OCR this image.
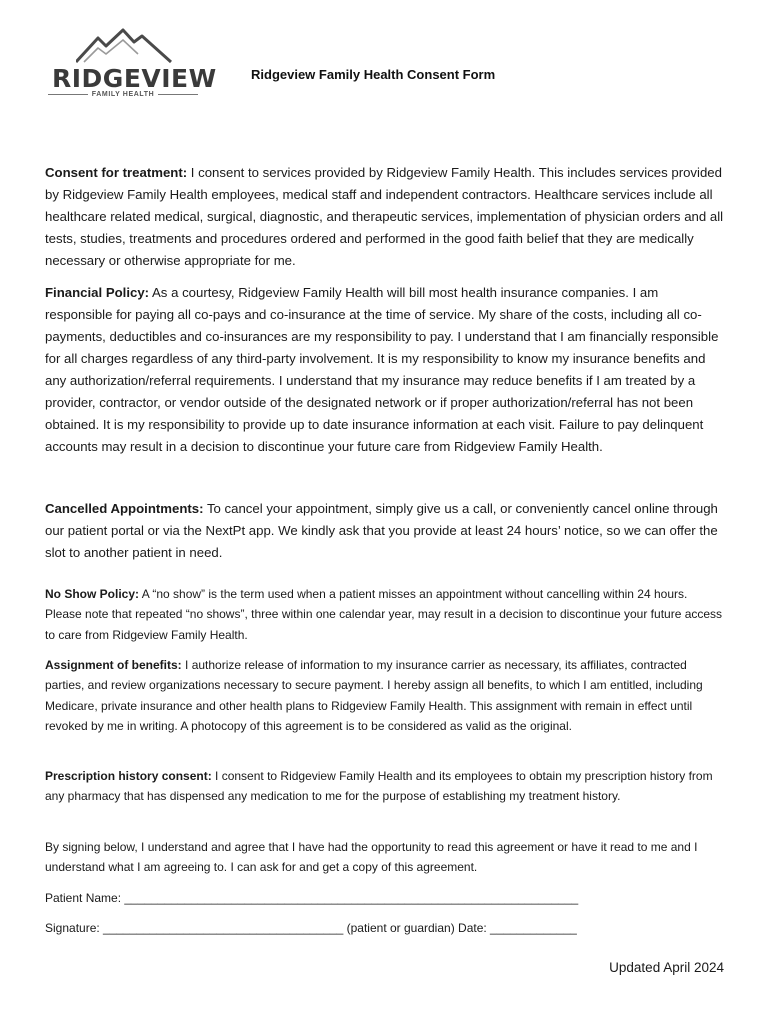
RIDGEVIEW
FAMILY HEALTH
Ridgeview Family Health Consent Form

Consent for treatment: I consent to services provided by Ridgeview Family Health. This includes services provided by Ridgeview Family Health employees, medical staff and independent contractors. Healthcare services include all healthcare related medical, surgical, diagnostic, and therapeutic services, implementation of physician orders and all tests, studies, treatments and procedures ordered and performed in the good faith belief that they are medically necessary or otherwise appropriate for me.

Financial Policy: As a courtesy, Ridgeview Family Health will bill most health insurance companies. I am responsible for paying all co-pays and co-insurance at the time of service. My share of the costs, including all co-payments, deductibles and co-insurances are my responsibility to pay. I understand that I am financially responsible for all charges regardless of any third-party involvement. It is my responsibility to know my insurance benefits and any authorization/referral requirements. I understand that my insurance may reduce benefits if I am treated by a provider, contractor, or vendor outside of the designated network or if proper authorization/referral has not been obtained. It is my responsibility to provide up to date insurance information at each visit. Failure to pay delinquent accounts may result in a decision to discontinue your future care from Ridgeview Family Health.

Cancelled Appointments: To cancel your appointment, simply give us a call, or conveniently cancel online through our patient portal or via the NextPt app. We kindly ask that you provide at least 24 hours’ notice, so we can offer the slot to another patient in need.

No Show Policy: A “no show” is the term used when a patient misses an appointment without cancelling within 24 hours. Please note that repeated “no shows”, three within one calendar year, may result in a decision to discontinue your future access to care from Ridgeview Family Health.

Assignment of benefits: I authorize release of information to my insurance carrier as necessary, its affiliates, contracted parties, and review organizations necessary to secure payment. I hereby assign all benefits, to which I am entitled, including Medicare, private insurance and other health plans to Ridgeview Family Health. This assignment with remain in effect until revoked by me in writing. A photocopy of this agreement is to be considered as valid as the original.

Prescription history consent: I consent to Ridgeview Family Health and its employees to obtain my prescription history from any pharmacy that has dispensed any medication to me for the purpose of establishing my treatment history.

By signing below, I understand and agree that I have had the opportunity to read this agreement or have it read to me and I understand what I am agreeing to. I can ask for and get a copy of this agreement.

Patient Name: ____________________________________________________________________
Signature: ____________________________________ (patient or guardian) Date: _____________
Updated April 2024
